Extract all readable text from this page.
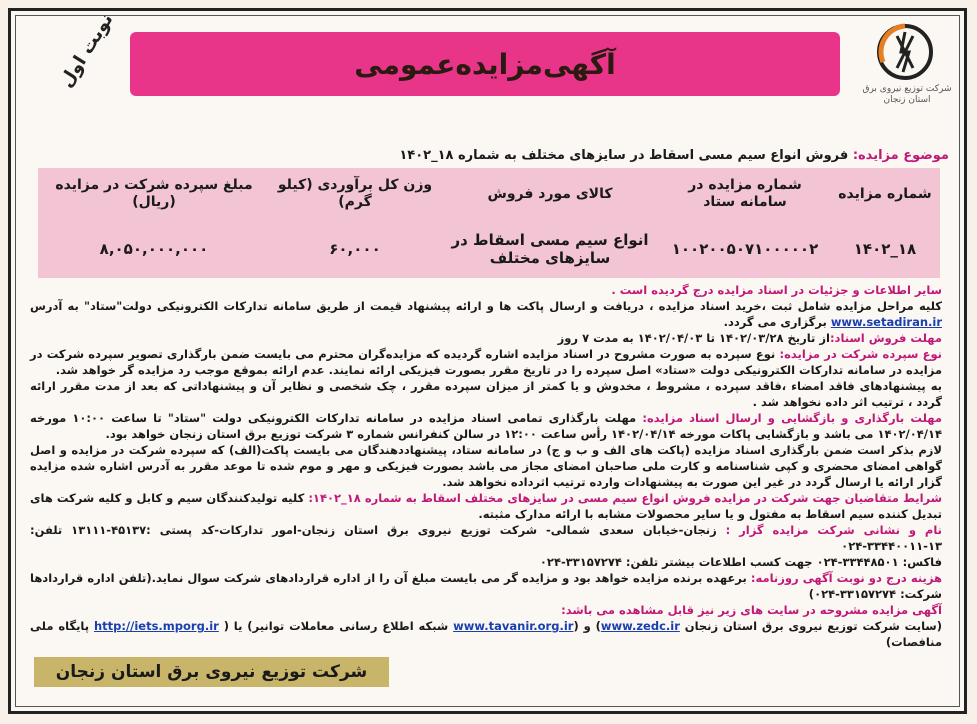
شرکت توزیع نیروی برق استان زنجان
نوبت اول	آگهی‌مزایده‌عمومی
موضوع مزایده: فروش انواع سیم مسی اسقاط در سایزهای مختلف به شماره ۱۸_۱۴۰۲
شماره مزایده
شماره مزایده در سامانه ستاد
کالای مورد فروش
وزن کل برآوردی (کیلو گرم)
مبلغ سپرده شرکت در مزایده (ریال)
۱۸_۱۴۰۲
۱۰۰۲۰۰۵۰۷۱۰۰۰۰۰۲
انواع سیم مسی اسقاط در سایزهای مختلف
۶۰,۰۰۰
۸,۰۵۰,۰۰۰,۰۰۰

سایر اطلاعات و جزئیات در اسناد مزایده درج گردیده است .

کلیه مراحل مزایده شامل ثبت ،خرید اسناد مزایده ، دریافت و ارسال پاکت ها و ارائه پیشنهاد قیمت از طریق سامانه تدارکات الکترونیکی دولت"ستاد" به آدرس www.setadiran.ir برگزاری می گردد.

مهلت فروش اسناد:از تاریخ ۱۴۰۲/۰۳/۲۸ تا ۱۴۰۲/۰۴/۰۳ به مدت ۷ روز

نوع سپرده شرکت در مزایده: نوع سپرده به صورت مشروح در اسناد مزایده اشاره گردیده که مزایده‌گران محترم می بایست ضمن بارگذاری تصویر سپرده شرکت در مزایده در سامانه تدارکات الکترونیکی دولت «ستاد» اصل سپرده را در تاریخ مقرر بصورت فیزیکی ارائه نمایند. عدم ارائه بموقع موجب رد مزایده گر خواهد شد.

به پیشنهادهای فاقد امضاء ،فاقد سپرده ، مشروط ، مخدوش و یا کمتر از میزان سپرده مقرر ، چک شخصی و نظایر آن و پیشنهاداتی که بعد از مدت مقرر ارائه گردد ، ترتیب اثر داده نخواهد شد .

مهلت بارگذاری و بازگشایی و ارسال اسناد مزایده: مهلت بارگذاری تمامی اسناد مزایده در سامانه تدارکات الکترونیکی دولت "ستاد" تا ساعت ۱۰:۰۰ مورخه ۱۴۰۲/۰۴/۱۴ می باشد و بازگشایی پاکات مورخه ۱۴۰۲/۰۴/۱۴ رأس ساعت ۱۲:۰۰ در سالن کنفرانس شماره ۳ شرکت توزیع برق استان زنجان خواهد بود.

لازم بذکر است ضمن بارگذاری اسناد مزایده (پاکت های الف و ب و ج) در سامانه ستاد، پیشنهاددهندگان می بایست پاکت(الف) که سپرده شرکت در مزایده و اصل گواهی امضای محضری و کپی شناسنامه و کارت ملی صاحبان امضای مجاز می باشد بصورت فیزیکی و مهر و موم شده تا موعد مقرر به آدرس اشاره شده مزایده گزار ارائه یا ارسال گردد در غیر این صورت به پیشنهادات وارده ترتیب اثرداده نخواهد شد.

شرایط متقاضیان جهت شرکت در مزایده فروش انواع سیم مسی در سایزهای مختلف اسقاط به شماره ۱۸_۱۴۰۲: کلیه تولیدکنندگان سیم و کابل و کلیه شرکت های تبدیل کننده سیم اسقاط به مفتول و یا سایر محصولات مشابه با ارائه مدارک مثبته.

نام و نشانی شرکت مزایده گزار : زنجان-خیابان سعدی شمالی- شرکت توزیع نیروی برق استان زنجان-امور تدارکات-کد پستی :۴۵۱۳۷-۱۳۱۱۱ تلفن: ۱۳-۳۳۴۴۰۰۱۱-۰۲۴

فاکس: ۳۳۴۴۸۵۰۱-۰۲۴ جهت کسب اطلاعات بیشتر تلفن: ۳۳۱۵۷۲۷۴-۰۲۴

هزینه درج دو نوبت آگهی روزنامه: برعهده برنده مزایده خواهد بود و مزایده گر می بایست مبلغ آن را از اداره قراردادهای شرکت سوال نماید.(تلفن اداره قراردادها شرکت: ۳۳۱۵۷۲۷۴-۰۲۴)

آگهی مزایده مشروحه در سایت های زیر نیز قابل مشاهده می باشد:

(سایت شرکت توزیع نیروی برق استان زنجان www.zedc.ir) و (www.tavanir.org.ir شبکه اطلاع رسانی معاملات توانیر) یا ( http://iets.mporg.ir پایگاه ملی منافصات)

شرکت توزیع نیروی برق استان زنجان
